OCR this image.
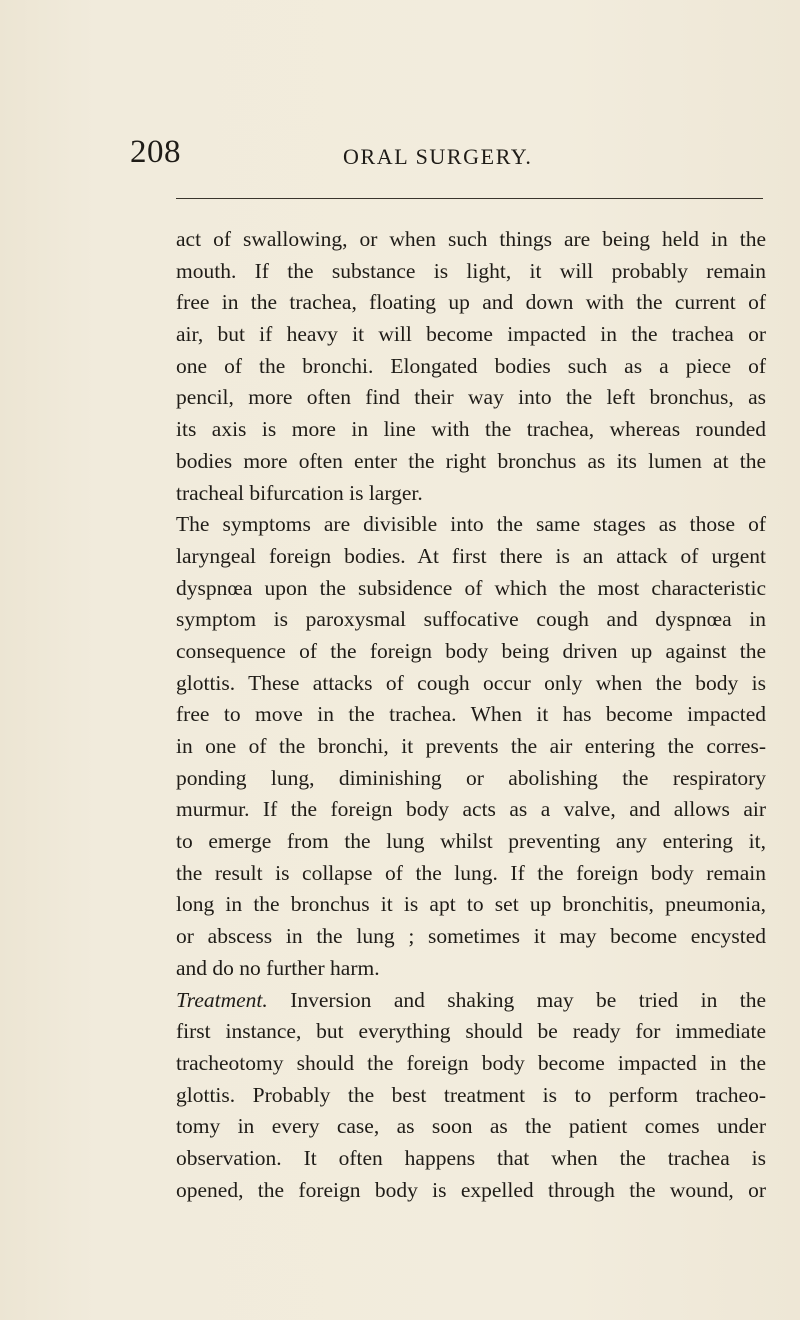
208	ORAL SURGERY.
act of swallowing, or when such things are being held in the
mouth. If the substance is light, it will probably remain
free in the trachea, floating up and down with the current of
air, but if heavy it will become impacted in the trachea or
one of the bronchi. Elongated bodies such as a piece of
pencil, more often find their way into the left bronchus, as
its axis is more in line with the trachea, whereas rounded
bodies more often enter the right bronchus as its lumen at the
tracheal bifurcation is larger.
The symptoms are divisible into the same stages as those of
laryngeal foreign bodies. At first there is an attack of urgent
dyspnœa upon the subsidence of which the most characteristic
symptom is paroxysmal suffocative cough and dyspnœa in
consequence of the foreign body being driven up against the
glottis. These attacks of cough occur only when the body is
free to move in the trachea. When it has become impacted
in one of the bronchi, it prevents the air entering the corres-
ponding lung, diminishing or abolishing the respiratory
murmur. If the foreign body acts as a valve, and allows air
to emerge from the lung whilst preventing any entering it,
the result is collapse of the lung. If the foreign body remain
long in the bronchus it is apt to set up bronchitis, pneumonia,
or abscess in the lung ; sometimes it may become encysted
and do no further harm.
Treatment. Inversion and shaking may be tried in the
first instance, but everything should be ready for immediate
tracheotomy should the foreign body become impacted in the
glottis. Probably the best treatment is to perform tracheo-
tomy in every case, as soon as the patient comes under
observation. It often happens that when the trachea is
opened, the foreign body is expelled through the wound, or
